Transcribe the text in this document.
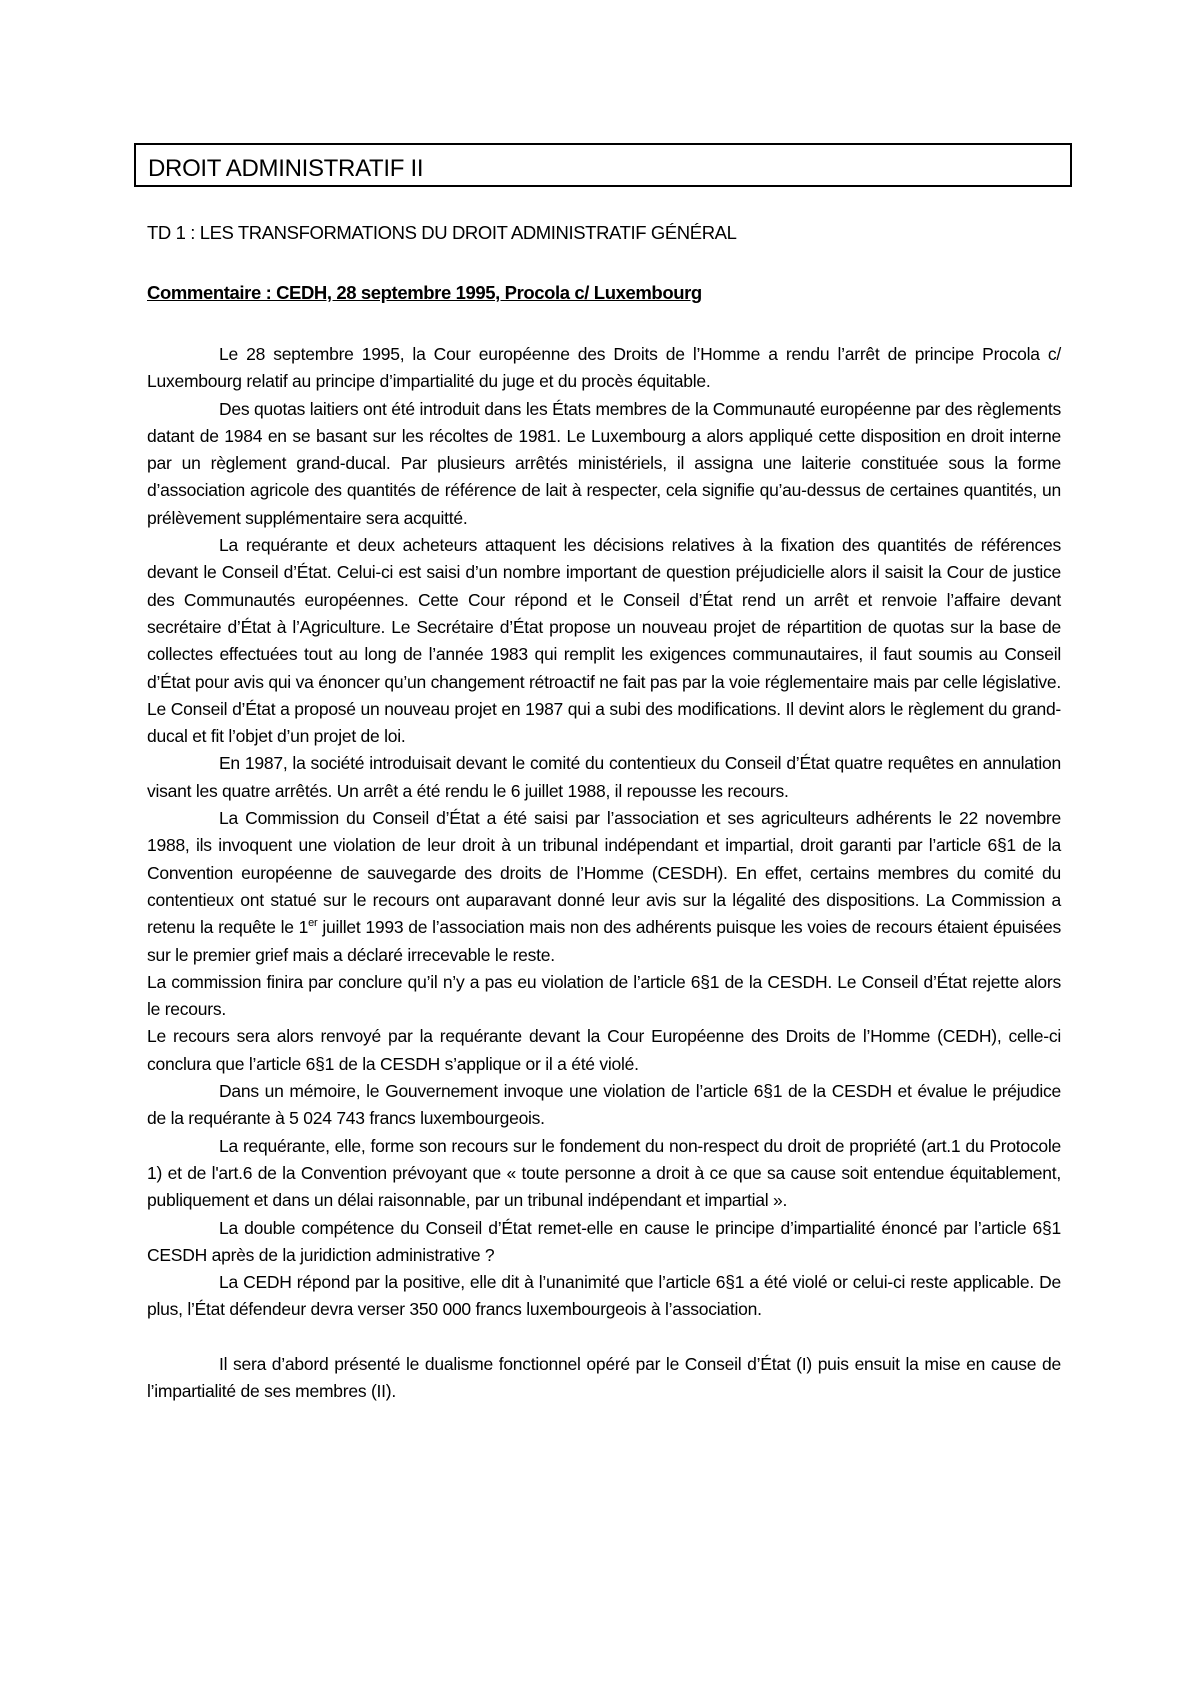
DROIT ADMINISTRATIF II
TD 1 : LES TRANSFORMATIONS DU DROIT ADMINISTRATIF GÉNÉRAL
Commentaire : CEDH, 28 septembre 1995, Procola c/ Luxembourg

Le 28 septembre 1995, la Cour européenne des Droits de l’Homme a rendu l’arrêt de principe Procola c/ Luxembourg relatif au principe d’impartialité du juge et du procès équitable.

Des quotas laitiers ont été introduit dans les États membres de la Communauté européenne par des règlements datant de 1984 en se basant sur les récoltes de 1981. Le Luxembourg a alors appliqué cette disposition en droit interne par un règlement grand-ducal. Par plusieurs arrêtés ministériels, il assigna une laiterie constituée sous la forme d’association agricole des quantités de référence de lait à respecter, cela signifie qu’au-dessus de certaines quantités, un prélèvement supplémentaire sera acquitté.

La requérante et deux acheteurs attaquent les décisions relatives à la fixation des quantités de références devant le Conseil d’État. Celui-ci est saisi d’un nombre important de question préjudicielle alors il saisit la Cour de justice des Communautés européennes. Cette Cour répond et le Conseil d’État rend un arrêt et renvoie l’affaire devant secrétaire d’État à l’Agriculture. Le Secrétaire d’État propose un nouveau projet de répartition de quotas sur la base de collectes effectuées tout au long de l’année 1983 qui remplit les exigences communautaires, il faut soumis au Conseil d’État pour avis qui va énoncer qu’un changement rétroactif ne fait pas par la voie réglementaire mais par celle législative. Le Conseil d’État a proposé un nouveau projet en 1987 qui a subi des modifications. Il devint alors le règlement du grand-ducal et fit l’objet d’un projet de loi.

En 1987, la société introduisait devant le comité du contentieux du Conseil d’État quatre requêtes en annulation visant les quatre arrêtés. Un arrêt a été rendu le 6 juillet 1988, il repousse les recours.

La Commission du Conseil d’État a été saisi par l’association et ses agriculteurs adhérents le 22 novembre 1988, ils invoquent une violation de leur droit à un tribunal indépendant et impartial, droit garanti par l’article 6§1 de la Convention européenne de sauvegarde des droits de l’Homme (CESDH). En effet, certains membres du comité du contentieux ont statué sur le recours ont auparavant donné leur avis sur la légalité des dispositions. La Commission a retenu la requête le 1er juillet 1993 de l’association mais non des adhérents puisque les voies de recours étaient épuisées sur le premier grief mais a déclaré irrecevable le reste.

La commission finira par conclure qu’il n’y a pas eu violation de l’article 6§1 de la CESDH. Le Conseil d’État rejette alors le recours.

Le recours sera alors renvoyé par la requérante devant la Cour Européenne des Droits de l’Homme (CEDH), celle-ci conclura que l’article 6§1 de la CESDH s’applique or il a été violé.

Dans un mémoire, le Gouvernement invoque une violation de l’article 6§1 de la CESDH et évalue le préjudice de la requérante à 5 024 743 francs luxembourgeois.

La requérante, elle, forme son recours sur le fondement du non-respect du droit de propriété (art.1 du Protocole 1) et de l'art.6 de la Convention prévoyant que « toute personne a droit à ce que sa cause soit entendue équitablement, publiquement et dans un délai raisonnable, par un tribunal indépendant et impartial ».

La double compétence du Conseil d’État remet-elle en cause le principe d’impartialité énoncé par l’article 6§1 CESDH après de la juridiction administrative ?

La CEDH répond par la positive, elle dit à l’unanimité que l’article 6§1 a été violé or celui-ci reste applicable. De plus, l’État défendeur devra verser 350 000 francs luxembourgeois à l’association.

Il sera d’abord présenté le dualisme fonctionnel opéré par le Conseil d’État (I) puis ensuit la mise en cause de l’impartialité de ses membres (II).
